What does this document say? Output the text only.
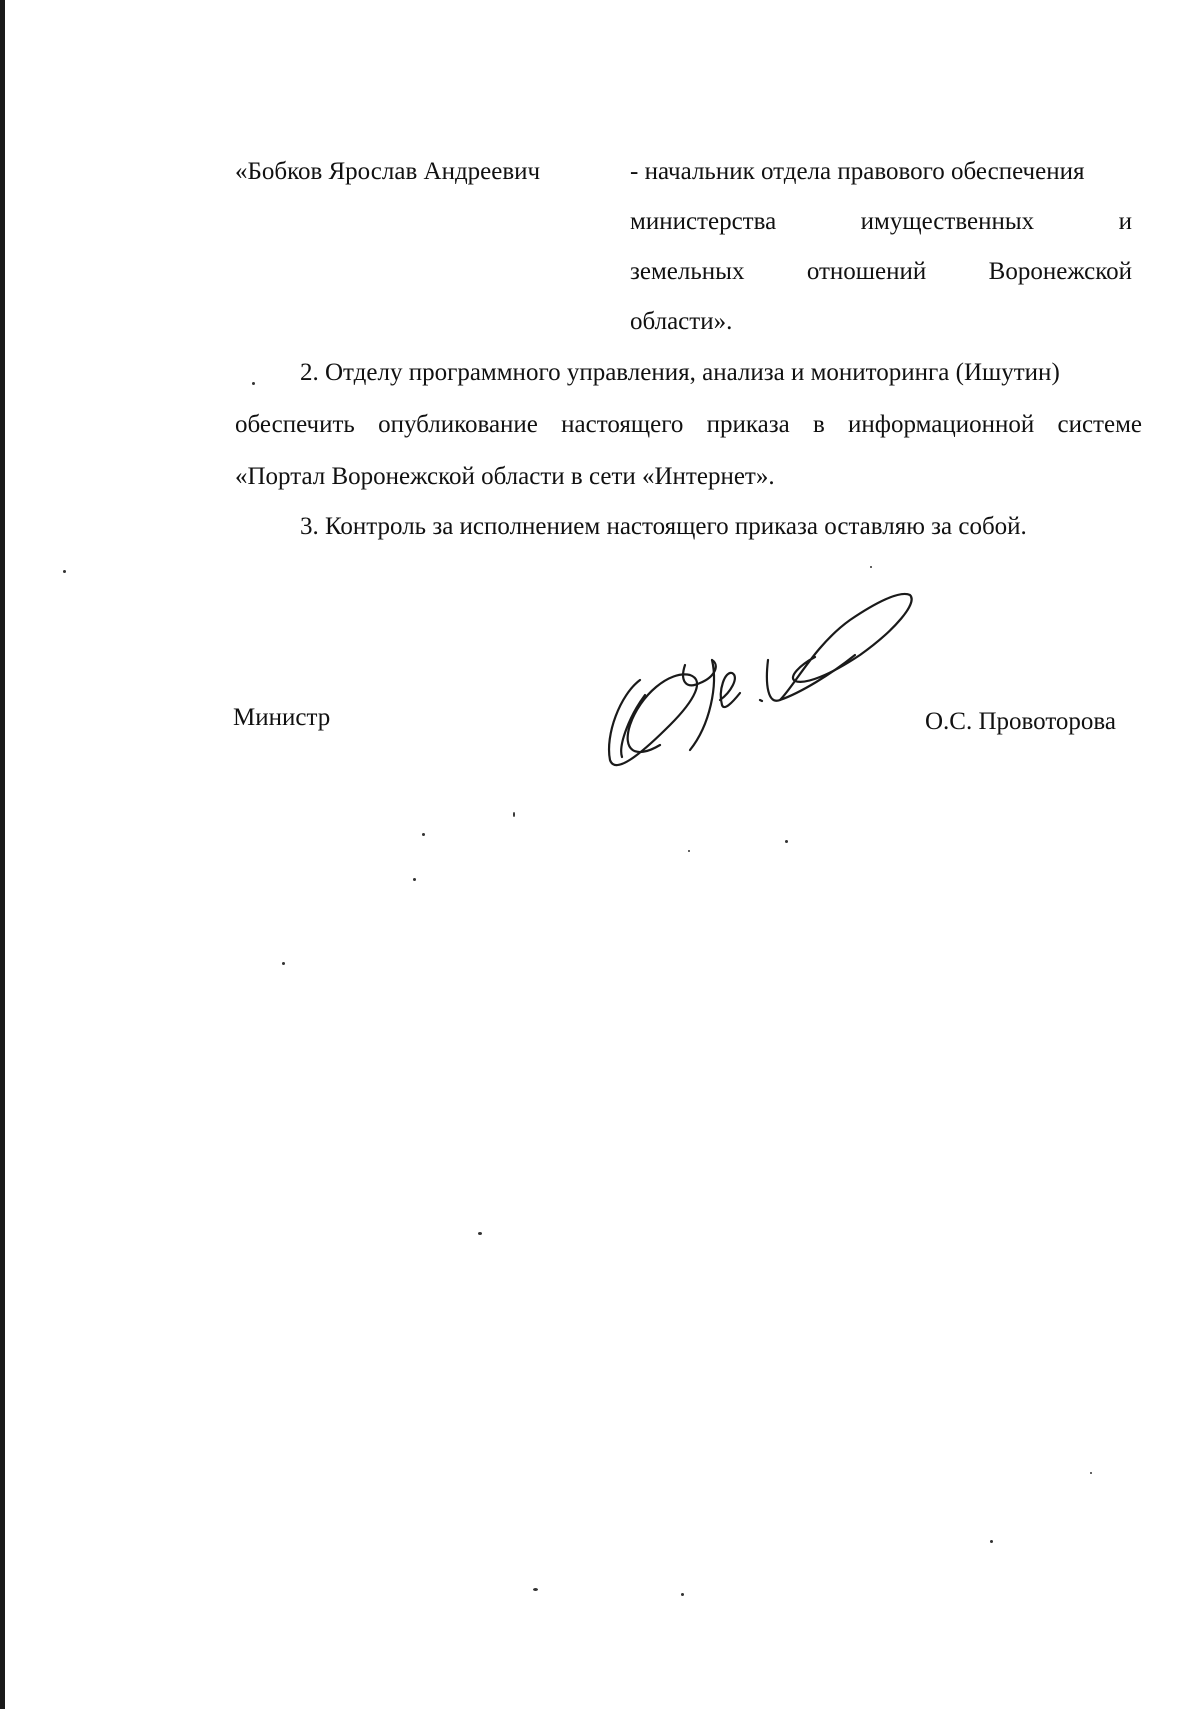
«Бобков Ярослав Андреевич	- начальник отдела правового обеспечения
министерства имущественных и
земельных отношений Воронежской
области».
2. Отделу программного управления, анализа и мониторинга (Ишутин)
обеспечить опубликование настоящего приказа в информационной системе
«Портал Воронежской области в сети «Интернет».
3. Контроль за исполнением настоящего приказа оставляю за собой.
Министр	О.С. Провоторова
